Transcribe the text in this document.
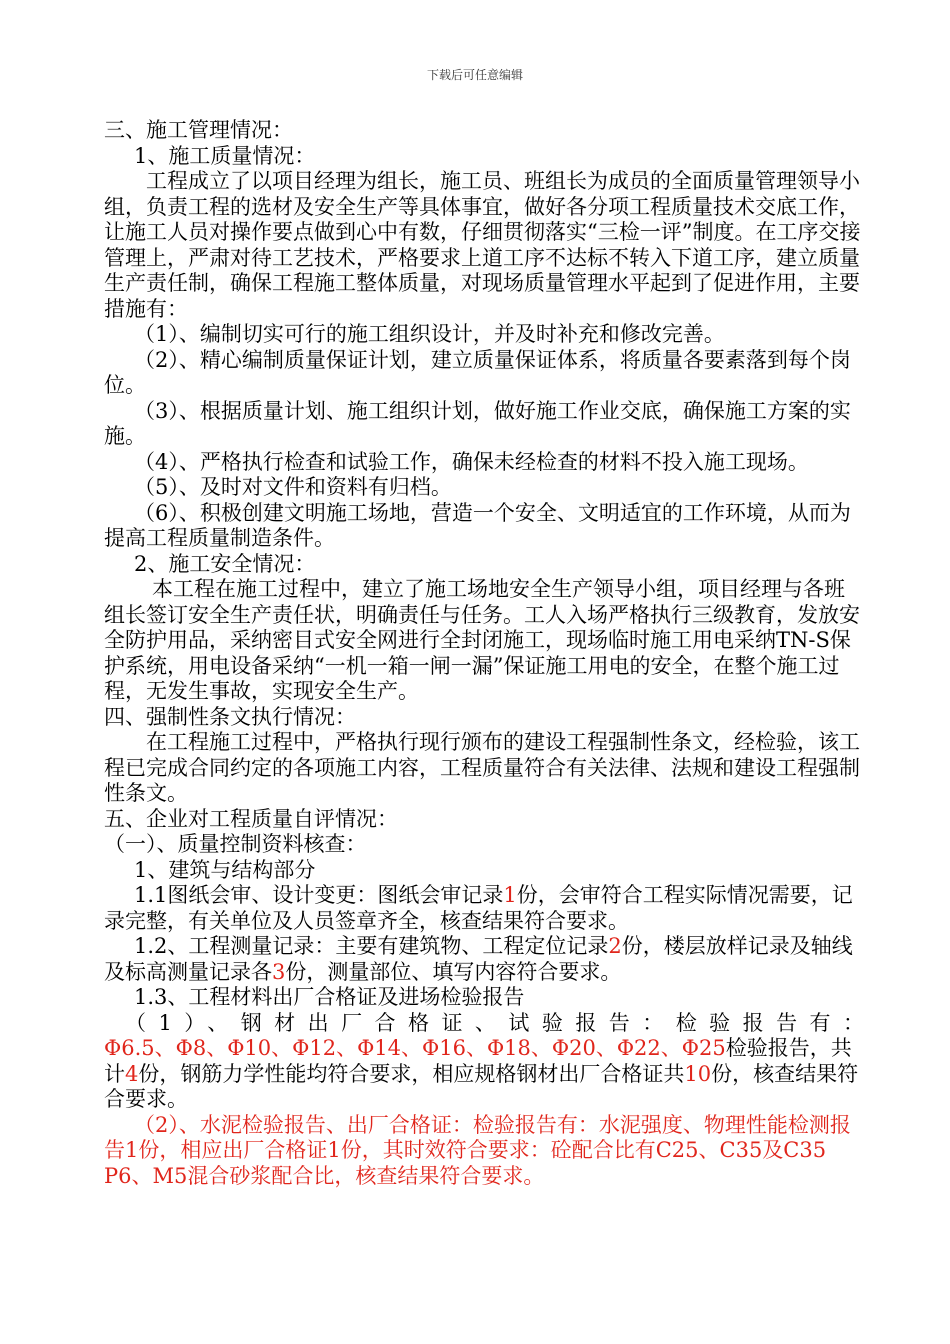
下载后可任意编辑

三、施工管理情况：

1、施工质量情况：

工程成立了以项目经理为组长，施工员、班组长为成员的全面质量管理领导小组，负责工程的选材及安全生产等具体事宜，做好各分项工程质量技术交底工作，让施工人员对操作要点做到心中有数，仔细贯彻落实“三检一评”制度。在工序交接管理上，严肃对待工艺技术，严格要求上道工序不达标不转入下道工序，建立质量生产责任制，确保工程施工整体质量，对现场质量管理水平起到了促进作用，主要措施有：

（1）、编制切实可行的施工组织设计，并及时补充和修改完善。

（2）、精心编制质量保证计划，建立质量保证体系，将质量各要素落到每个岗位。

（3）、根据质量计划、施工组织计划，做好施工作业交底，确保施工方案的实施。

（4）、严格执行检查和试验工作，确保未经检查的材料不投入施工现场。

（5）、及时对文件和资料有归档。

（6）、积极创建文明施工场地，营造一个安全、文明适宜的工作环境，从而为提高工程质量制造条件。

2、施工安全情况：

本工程在施工过程中，建立了施工场地安全生产领导小组，项目经理与各班组长签订安全生产责任状，明确责任与任务。工人入场严格执行三级教育，发放安全防护用品，采纳密目式安全网进行全封闭施工，现场临时施工用电采纳TN-S保护系统，用电设备采纳“一机一箱一闸一漏”保证施工用电的安全，在整个施工过程，无发生事故，实现安全生产。

四、强制性条文执行情况：

在工程施工过程中，严格执行现行颁布的建设工程强制性条文，经检验，该工程已完成合同约定的各项施工内容，工程质量符合有关法律、法规和建设工程强制性条文。

五、企业对工程质量自评情况：

（一）、质量控制资料核查：

1、建筑与结构部分

1.1图纸会审、设计变更：图纸会审记录1份，会审符合工程实际情况需要，记录完整，有关单位及人员签章齐全，核查结果符合要求。

1.2、工程测量记录：主要有建筑物、工程定位记录2份，楼层放样记录及轴线及标高测量记录各3份，测量部位、填写内容符合要求。

1.3、工程材料出厂合格证及进场检验报告

（1）、钢材出厂合格证、试验报告：检验报告有：

Φ6.5、Φ8、Φ10、Φ12、Φ14、Φ16、Φ18、Φ20、Φ22、Φ25检验报告，共计4份，钢筋力学性能均符合要求，相应规格钢材出厂合格证共10份，核查结果符合要求。

（2）、水泥检验报告、出厂合格证：检验报告有：水泥强度、物理性能检测报告1份，相应出厂合格证1份，其时效符合要求：砼配合比有C25、C35及C35 P6、M5混合砂浆配合比，核查结果符合要求。
